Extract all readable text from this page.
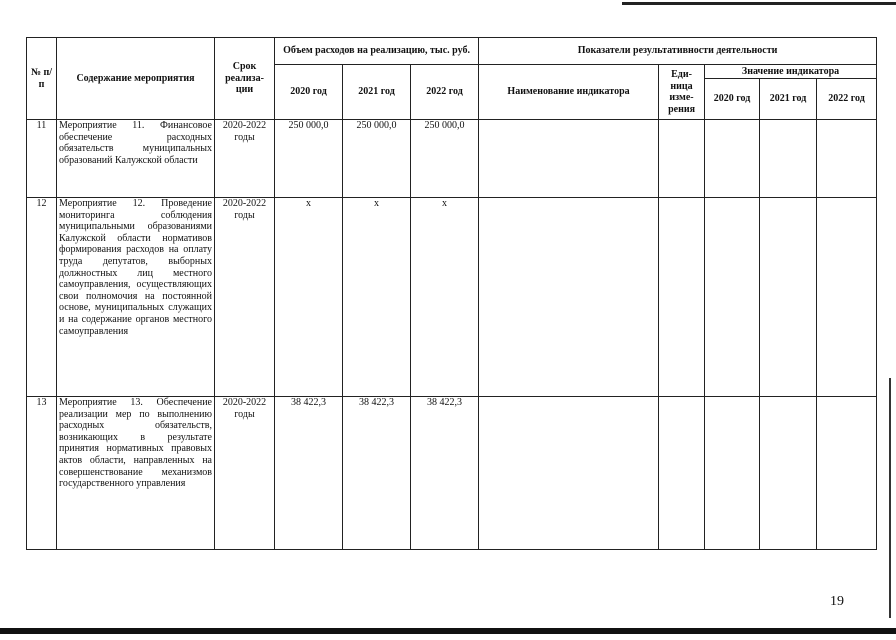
№ п/п	Содержание мероприятия	Срок реализа-ции	Объем расходов на реализацию, тыс. руб.			Показатели результативности деятельности				
			2020 год	2021 год	2022 год	Наименование индикатора	Еди-ница изме-рения	Значение индикатора		
								2020 год	2021 год	2022 год
11	Мероприятие 11. Финансовое обеспечение расходных обязательств муниципальных образований Калужской области	2020-2022 годы	250 000,0	250 000,0	250 000,0					
12	Мероприятие 12. Проведение мониторинга соблюдения муниципальными образованиями Калужской области нормативов формирования расходов на оплату труда депутатов, выборных должностных лиц местного самоуправления, осуществляющих свои полномочия на постоянной основе, муниципальных служащих и на содержание органов местного самоуправления	2020-2022 годы	х	х	х					
13	Мероприятие 13. Обеспечение реализации мер по выполнению расходных обязательств, возникающих в результате принятия нормативных правовых актов области, направленных на совершенствование механизмов государственного управления	2020-2022 годы	38 422,3	38 422,3	38 422,3					
19
